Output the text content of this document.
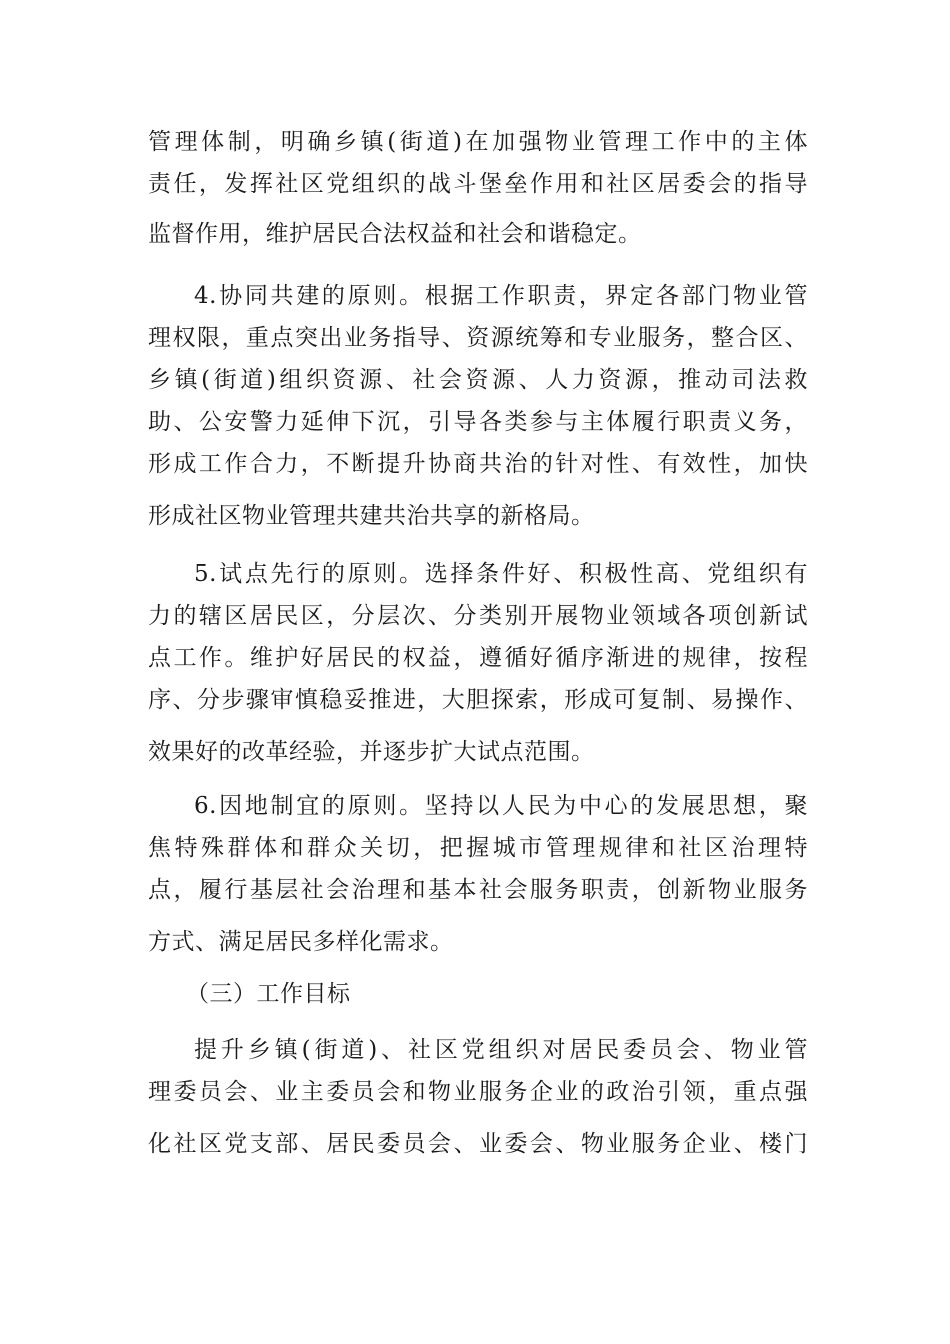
管理体制，明确乡镇(街道)在加强物业管理工作中的主体
责任，发挥社区党组织的战斗堡垒作用和社区居委会的指导
监督作用，维护居民合法权益和社会和谐稳定。
4.协同共建的原则。根据工作职责，界定各部门物业管
理权限，重点突出业务指导、资源统筹和专业服务，整合区、
乡镇(街道)组织资源、社会资源、人力资源，推动司法救
助、公安警力延伸下沉，引导各类参与主体履行职责义务，
形成工作合力，不断提升协商共治的针对性、有效性，加快
形成社区物业管理共建共治共享的新格局。
5.试点先行的原则。选择条件好、积极性高、党组织有
力的辖区居民区，分层次、分类别开展物业领域各项创新试
点工作。维护好居民的权益，遵循好循序渐进的规律，按程
序、分步骤审慎稳妥推进，大胆探索，形成可复制、易操作、
效果好的改革经验，并逐步扩大试点范围。
6.因地制宜的原则。坚持以人民为中心的发展思想，聚
焦特殊群体和群众关切，把握城市管理规律和社区治理特
点，履行基层社会治理和基本社会服务职责，创新物业服务
方式、满足居民多样化需求。
（三）工作目标
提升乡镇(街道)、社区党组织对居民委员会、物业管
理委员会、业主委员会和物业服务企业的政治引领，重点强
化社区党支部、居民委员会、业委会、物业服务企业、楼门
